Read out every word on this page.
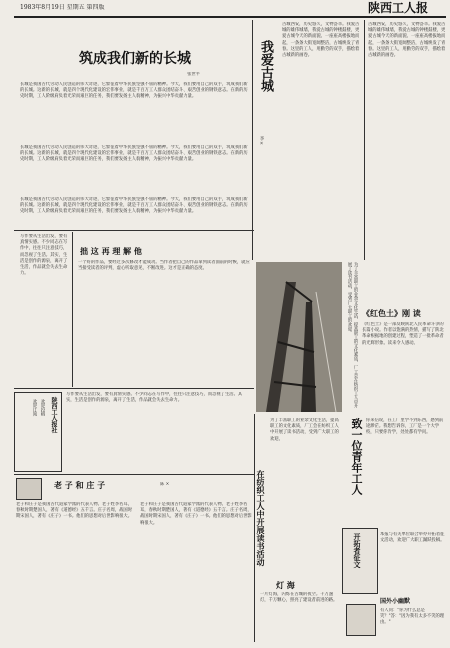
1983年8月19日 星期五 第四版	陕西工人报
筑成我们新的长城
张世平
长城是我国古代劳动人民创造的伟大奇迹，它象征着中华民族坚强不屈的精神。今天，我们要用自己的双手，筑成我们新的长城。这新的长城，就是四个现代化建设的宏伟事业，就是千百万工人群众团结奋斗、艰苦创业的钢铁意志。在新的历史时期，工人阶级肩负着光荣而艰巨的任务，我们要发扬主人翁精神，为振兴中华贡献力量。
长城是我国古代劳动人民创造的伟大奇迹，它象征着中华民族坚强不屈的精神。今天，我们要用自己的双手，筑成我们新的长城。这新的长城，就是四个现代化建设的宏伟事业，就是千百万工人群众团结奋斗、艰苦创业的钢铁意志。在新的历史时期，工人阶级肩负着光荣而艰巨的任务，我们要发扬主人翁精神，为振兴中华贡献力量。
长城是我国古代劳动人民创造的伟大奇迹，它象征着中华民族坚强不屈的精神。今天，我们要用自己的双手，筑成我们新的长城。这新的长城，就是四个现代化建设的宏伟事业，就是千百万工人群众团结奋斗、艰苦创业的钢铁意志。在新的历史时期，工人阶级肩负着光荣而艰巨的任务，我们要发扬主人翁精神，为振兴中华贡献力量。
我爱古城
李 ×
古城西安，历史悠久，文物荟萃。我爱古城的雄伟城墙，我爱古城的钟楼鼓楼，更爱古城今天的新面貌。一座座高楼拔地而起，一条条大街宽阔整洁，古城焕发了青春。这里的工人，用勤劳的双手，描绘着古城新的画卷。
古城西安，历史悠久，文物荟萃。我爱古城的雄伟城墙，我爱古城的钟楼鼓楼，更爱古城今天的新面貌。一座座高楼拔地而起，一条条大街宽阔整洁，古城焕发了青春。这里的工人，用勤劳的双手，描绘着古城新的画卷。
写作要从生活出发，要有真情实感。不少同志在写作中，往往只注意技巧，而忽视了生活。其实，生活是创作的源泉，离开了生活，作品就会失去生命力。
拙 这 再 理 解 他
一个好的作品，要经过多次修改才能成功。当作者把自己的作品拿到读者面前的时候，就应当接受读者的评判，虚心听取意见，不断改进。这才是正确的态度。	为了丰富职工的业余文化生活，提高职工的文化素质，厂工会在纺织工人中开展了读书活动，受到广大职工的欢迎。	《红色土》刚 读
《红色土》是一部反映陕北人民革命斗争的长篇小说。作者以饱满的热情，描写了陕北革命根据地的创建过程，塑造了一批革命者的光辉形象。读来令人感动。
陕西工人报社
欢迎投稿
欢迎订阅
写作要从生活出发，要有真情实感。不少同志在写作中，往往只注意技巧，而忽视了生活。其实，生活是创作的源泉，离开了生活，作品就会失去生命力。
老 子 和 庄 子	陈 ×
老子和庄子是我国古代道家学派的代表人物。老子姓李名耳，春秋时期楚国人，著有《道德经》五千言。庄子名周，战国时期宋国人，著有《庄子》一书。他们的思想对后世影响很大。
老子和庄子是我国古代道家学派的代表人物。老子姓李名耳，春秋时期楚国人，著有《道德经》五千言。庄子名周，战国时期宋国人，著有《庄子》一书。他们的思想对后世影响很大。	在纺织工人中开展读书活动
为了丰富职工的业余文化生活，提高职工的文化素质，厂工会在纺织工人中开展了读书活动，受到广大职工的欢迎。	致一位青年工人 你来信说，在工厂里学不到东西，感到前途渺茫。我想告诉你，工厂是一个大学校，只要你肯学，处处都有学问。
开拓者征文	本报与有关单位联合举办开拓者征文活动，欢迎广大职工踊跃投稿。
灯 海
一片灯海，闪烁在古城的夜空。千万盏灯，千万颗心，照亮了建设者前进的路。	国外小幽默
有人问："你为什么总是笑？"答："因为我有太多不笑的理由。"
